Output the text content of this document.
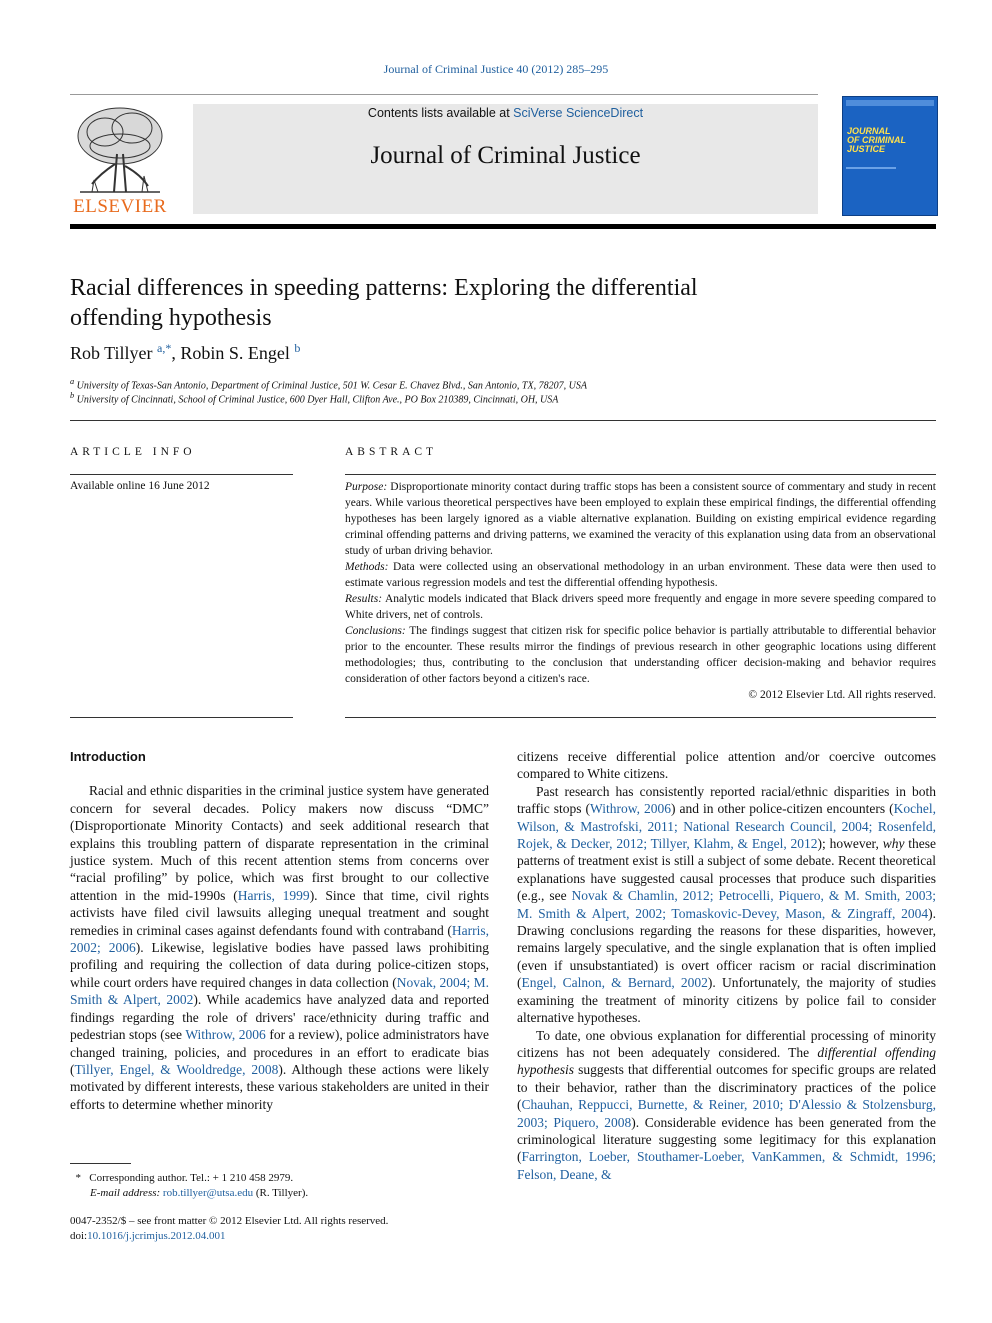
Journal of Criminal Justice 40 (2012) 285–295
Contents lists available at SciVerse ScienceDirect
Journal of Criminal Justice
ELSEVIER
JOURNAL
OF CRIMINAL
JUSTICE
Racial differences in speeding patterns: Exploring the differential
offending hypothesis
Rob Tillyer $^{a,*}$, Robin S. Engel $^b$
$^a$ University of Texas-San Antonio, Department of Criminal Justice, 501 W. Cesar E. Chavez Blvd., San Antonio, TX, 78207, USA
$^b$ University of Cincinnati, School of Criminal Justice, 600 Dyer Hall, Clifton Ave., PO Box 210389, Cincinnati, OH, USA
ARTICLE INFO	ABSTRACT
Available online 16 June 2012	Purpose: Disproportionate minority contact during traffic stops has been a consistent source of commentary and study in recent years. While various theoretical perspectives have been employed to explain these empirical findings, the differential offending hypotheses has been largely ignored as a viable alternative explanation. Building on existing empirical evidence regarding criminal offending patterns and driving patterns, we examined the veracity of this explanation using data from an observational study of urban driving behavior.

Methods: Data were collected using an observational methodology in an urban environment. These data were then used to estimate various regression models and test the differential offending hypothesis.

Results: Analytic models indicated that Black drivers speed more frequently and engage in more severe speeding compared to White drivers, net of controls.

Conclusions: The findings suggest that citizen risk for specific police behavior is partially attributable to differential behavior prior to the encounter. These results mirror the findings of previous research in other geographic locations using different methodologies; thus, contributing to the conclusion that understanding officer decision-making and behavior requires consideration of other factors beyond a citizen's race.

© 2012 Elsevier Ltd. All rights reserved.

Introduction

Racial and ethnic disparities in the criminal justice system have generated concern for several decades. Policy makers now discuss “DMC” (Disproportionate Minority Contacts) and seek additional research that explains this troubling pattern of disparate representation in the criminal justice system. Much of this recent attention stems from concerns over “racial profiling” by police, which was first brought to our collective attention in the mid-1990s (Harris, 1999). Since that time, civil rights activists have filed civil lawsuits alleging unequal treatment and sought remedies in criminal cases against defendants found with contraband (Harris, 2002; 2006). Likewise, legislative bodies have passed laws prohibiting profiling and requiring the collection of data during police-citizen stops, while court orders have required changes in data collection (Novak, 2004; M. Smith & Alpert, 2002). While academics have analyzed data and reported findings regarding the role of drivers' race/ethnicity during traffic and pedestrian stops (see Withrow, 2006 for a review), police administrators have changed training, policies, and procedures in an effort to eradicate bias (Tillyer, Engel, & Wooldredge, 2008). Although these actions were likely motivated by different interests, these various stakeholders are united in their efforts to determine whether minority

citizens receive differential police attention and/or coercive outcomes compared to White citizens.

Past research has consistently reported racial/ethnic disparities in both traffic stops (Withrow, 2006) and in other police-citizen encounters (Kochel, Wilson, & Mastrofski, 2011; National Research Council, 2004; Rosenfeld, Rojek, & Decker, 2012; Tillyer, Klahm, & Engel, 2012); however, why these patterns of treatment exist is still a subject of some debate. Recent theoretical explanations have suggested causal processes that produce such disparities (e.g., see Novak & Chamlin, 2012; Petrocelli, Piquero, & M. Smith, 2003; M. Smith & Alpert, 2002; Tomaskovic-Devey, Mason, & Zingraff, 2004). Drawing conclusions regarding the reasons for these disparities, however, remains largely speculative, and the single explanation that is often implied (even if unsubstantiated) is overt officer racism or racial discrimination (Engel, Calnon, & Bernard, 2002). Unfortunately, the majority of studies examining the treatment of minority citizens by police fail to consider alternative hypotheses.

To date, one obvious explanation for differential processing of minority citizens has not been adequately considered. The differential offending hypothesis suggests that differential outcomes for specific groups are related to their behavior, rather than the discriminatory practices of the police (Chauhan, Reppucci, Burnette, & Reiner, 2010; D'Alessio & Stolzensburg, 2003; Piquero, 2008). Considerable evidence has been generated from the criminological literature suggesting some legitimacy for this explanation (Farrington, Loeber, Stouthamer-Loeber, VanKammen, & Schmidt, 1996; Felson, Deane, &

* Corresponding author. Tel.: + 1 210 458 2979.
E-mail address: rob.tillyer@utsa.edu (R. Tillyer).
0047-2352/$ – see front matter © 2012 Elsevier Ltd. All rights reserved.
doi:10.1016/j.jcrimjus.2012.04.001
